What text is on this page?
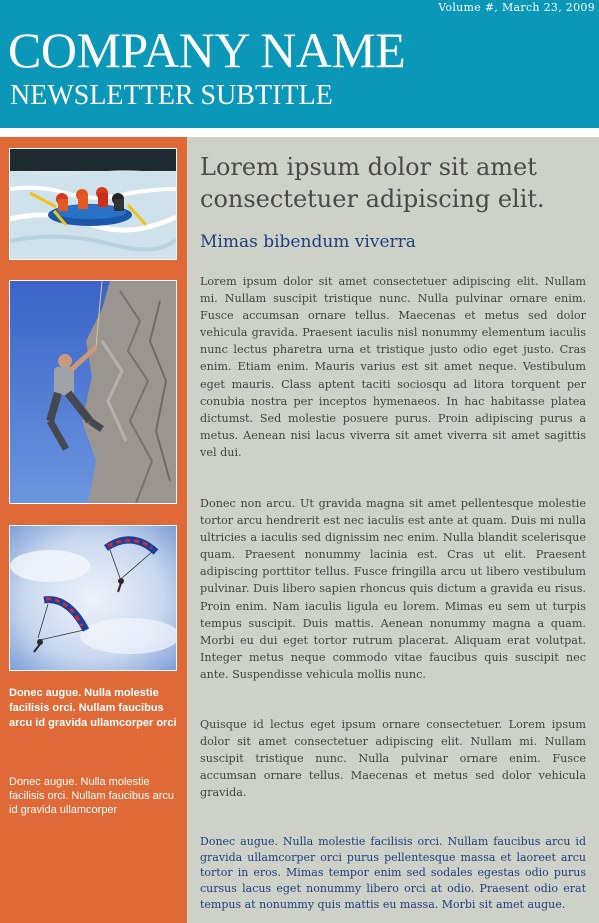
Volume #, March 23, 2009
COMPANY NAME
NEWSLETTER SUBTITLE
Donec augue. Nulla molestie facilisis orci. Nullam faucibus arcu id gravida ullamcorper orci
Donec augue. Nulla molestie facilisis orci. Nullam faucibus arcu id gravida ullamcorper
Lorem ipsum dolor sit amet consectetuer adipiscing elit.
Mimas bibendum viverra
Lorem ipsum dolor sit amet consectetuer adipiscing elit. Nullam mi. Nullam suscipit tristique nunc. Nulla pulvinar ornare enim. Fusce accumsan ornare tellus. Maecenas et metus sed dolor vehicula gravida. Praesent iaculis nisl nonummy elementum iaculis nunc lectus pharetra urna et tristique justo odio eget justo. Cras enim. Etiam enim. Mauris varius est sit amet neque. Vestibulum eget mauris. Class aptent taciti sociosqu ad litora torquent per conubia nostra per inceptos hymenaeos. In hac habitasse platea dictumst. Sed molestie posuere purus. Proin adipiscing purus a metus. Aenean nisi lacus viverra sit amet viverra sit amet sagittis vel dui.
Donec non arcu. Ut gravida magna sit amet pellentesque molestie tortor arcu hendrerit est nec iaculis est ante at quam. Duis mi nulla ultricies a iaculis sed dignissim nec enim. Nulla blandit scelerisque quam. Praesent nonummy lacinia est. Cras ut elit. Praesent adipiscing porttitor tellus. Fusce fringilla arcu ut libero vestibulum pulvinar. Duis libero sapien rhoncus quis dictum a gravida eu risus. Proin enim. Nam iaculis ligula eu lorem. Mimas eu sem ut turpis tempus suscipit. Duis mattis. Aenean nonummy magna a quam. Morbi eu dui eget tortor rutrum placerat. Aliquam erat volutpat. Integer metus neque commodo vitae faucibus quis suscipit nec ante. Suspendisse vehicula mollis nunc.
Quisque id lectus eget ipsum ornare consectetuer. Lorem ipsum dolor sit amet consectetuer adipiscing elit. Nullam mi. Nullam suscipit tristique nunc. Nulla pulvinar ornare enim. Fusce accumsan ornare tellus. Maecenas et metus sed dolor vehicula gravida.
Donec augue. Nulla molestie facilisis orci. Nullam faucibus arcu id gravida ullamcorper orci purus pellentesque massa et laoreet arcu tortor in eros. Mimas tempor enim sed sodales egestas odio purus cursus lacus eget nonummy libero orci at odio. Praesent odio erat tempus at nonummy quis mattis eu massa. Morbi sit amet augue.
